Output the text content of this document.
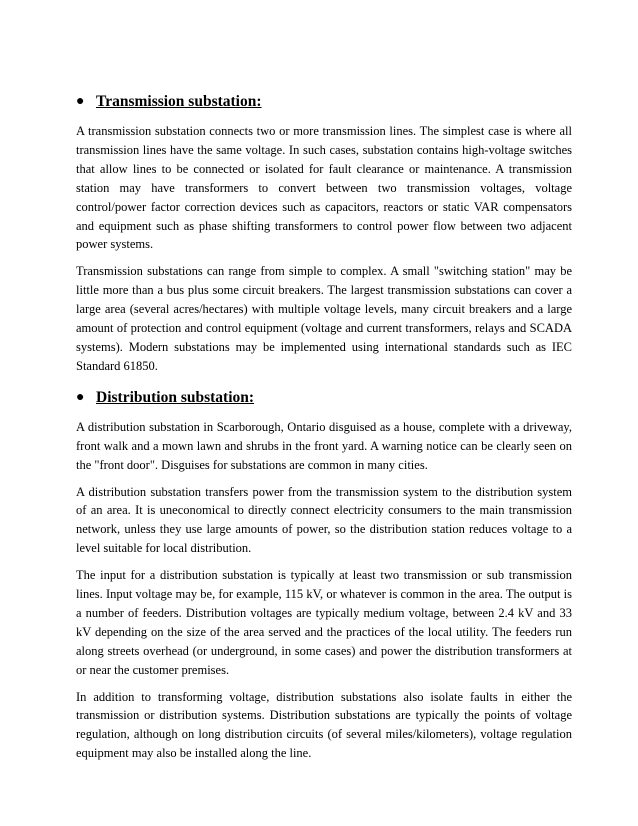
● Transmission substation:

A transmission substation connects two or more transmission lines. The simplest case is where all transmission lines have the same voltage. In such cases, substation contains high-voltage switches that allow lines to be connected or isolated for fault clearance or maintenance. A transmission station may have transformers to convert between two transmission voltages, voltage control/power factor correction devices such as capacitors, reactors or static VAR compensators and equipment such as phase shifting transformers to control power flow between two adjacent power systems.

Transmission substations can range from simple to complex. A small "switching station" may be little more than a bus plus some circuit breakers. The largest transmission substations can cover a large area (several acres/hectares) with multiple voltage levels, many circuit breakers and a large amount of protection and control equipment (voltage and current transformers, relays and SCADA systems). Modern substations may be implemented using international standards such as IEC Standard 61850.

● Distribution substation:

A distribution substation in Scarborough, Ontario disguised as a house, complete with a driveway, front walk and a mown lawn and shrubs in the front yard. A warning notice can be clearly seen on the "front door". Disguises for substations are common in many cities.

A distribution substation transfers power from the transmission system to the distribution system of an area. It is uneconomical to directly connect electricity consumers to the main transmission network, unless they use large amounts of power, so the distribution station reduces voltage to a level suitable for local distribution.

The input for a distribution substation is typically at least two transmission or sub transmission lines. Input voltage may be, for example, 115 kV, or whatever is common in the area. The output is a number of feeders. Distribution voltages are typically medium voltage, between 2.4 kV and 33 kV depending on the size of the area served and the practices of the local utility. The feeders run along streets overhead (or underground, in some cases) and power the distribution transformers at or near the customer premises.

In addition to transforming voltage, distribution substations also isolate faults in either the transmission or distribution systems. Distribution substations are typically the points of voltage regulation, although on long distribution circuits (of several miles/kilometers), voltage regulation equipment may also be installed along the line.
